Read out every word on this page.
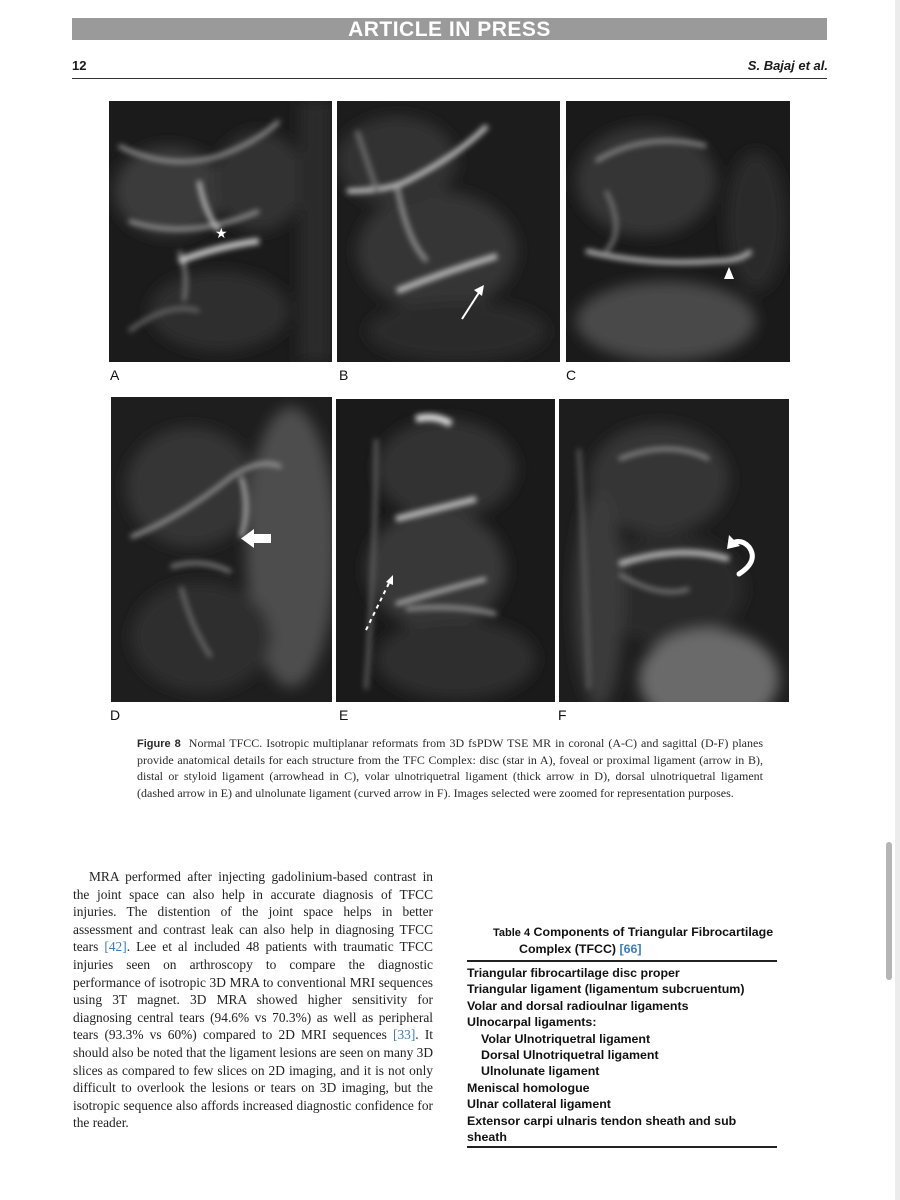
ARTICLE IN PRESS
12	S. Bajaj et al.
★
A	B	C
D	E	F
Figure 8 Normal TFCC. Isotropic multiplanar reformats from 3D fsPDW TSE MR in coronal (A-C) and sagittal (D-F) planes provide anatomical details for each structure from the TFC Complex: disc (star in A), foveal or proximal ligament (arrow in B), distal or styloid ligament (arrowhead in C), volar ulnotriquetral ligament (thick arrow in D), dorsal ulnotriquetral ligament (dashed arrow in E) and ulnolunate ligament (curved arrow in F). Images selected were zoomed for representation purposes.
MRA performed after injecting gadolinium-based contrast in the joint space can also help in accurate diagnosis of TFCC injuries. The distention of the joint space helps in better assessment and contrast leak can also help in diagnosing TFCC tears [42]. Lee et al included 48 patients with traumatic TFCC injuries seen on arthroscopy to compare the diagnostic performance of isotropic 3D MRA to conventional MRI sequences using 3T magnet. 3D MRA showed higher sensitivity for diagnosing central tears (94.6% vs 70.3%) as well as peripheral tears (93.3% vs 60%) compared to 2D MRI sequences [33]. It should also be noted that the ligament lesions are seen on many 3D slices as compared to few slices on 2D imaging, and it is not only difficult to overlook the lesions or tears on 3D imaging, but the isotropic sequence also affords increased diagnostic confidence for the reader.
Table 4 Components of Triangular Fibrocartilage Complex (TFCC) [66]
Triangular fibrocartilage disc proper
Triangular ligament (ligamentum subcruentum)
Volar and dorsal radioulnar ligaments
Ulnocarpal ligaments:
Volar Ulnotriquetral ligament
Dorsal Ulnotriquetral ligament
Ulnolunate ligament
Meniscal homologue
Ulnar collateral ligament
Extensor carpi ulnaris tendon sheath and sub sheath
